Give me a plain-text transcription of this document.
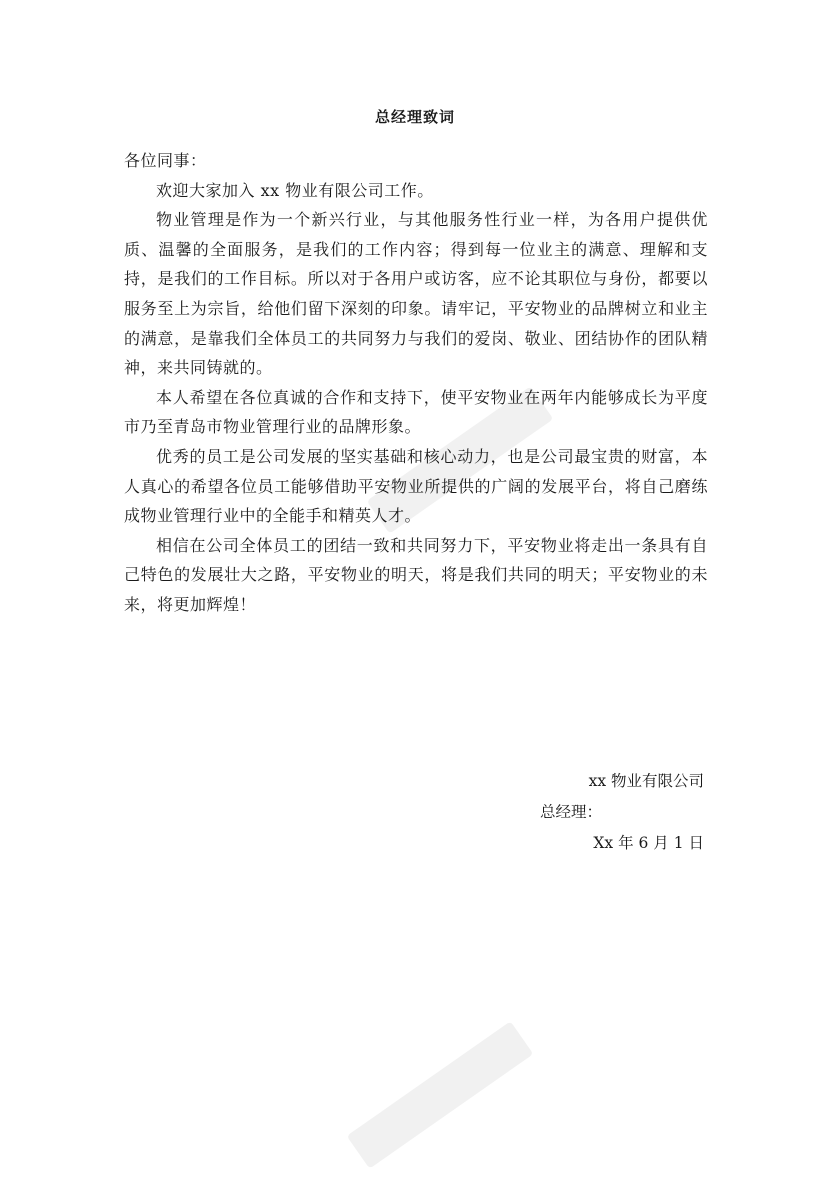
总经理致词

各位同事：

欢迎大家加入 xx 物业有限公司工作。

物业管理是作为一个新兴行业，与其他服务性行业一样，为各用户提供优质、温馨的全面服务，是我们的工作内容；得到每一位业主的满意、理解和支持，是我们的工作目标。所以对于各用户或访客，应不论其职位与身份，都要以服务至上为宗旨，给他们留下深刻的印象。请牢记，平安物业的品牌树立和业主的满意，是靠我们全体员工的共同努力与我们的爱岗、敬业、团结协作的团队精神，来共同铸就的。

本人希望在各位真诚的合作和支持下，使平安物业在两年内能够成长为平度市乃至青岛市物业管理行业的品牌形象。

优秀的员工是公司发展的坚实基础和核心动力，也是公司最宝贵的财富，本人真心的希望各位员工能够借助平安物业所提供的广阔的发展平台，将自己磨练成物业管理行业中的全能手和精英人才。

相信在公司全体员工的团结一致和共同努力下，平安物业将走出一条具有自己特色的发展壮大之路，平安物业的明天，将是我们共同的明天；平安物业的未来，将更加辉煌！

xx 物业有限公司
总经理：
Xx 年 6 月 1 日
